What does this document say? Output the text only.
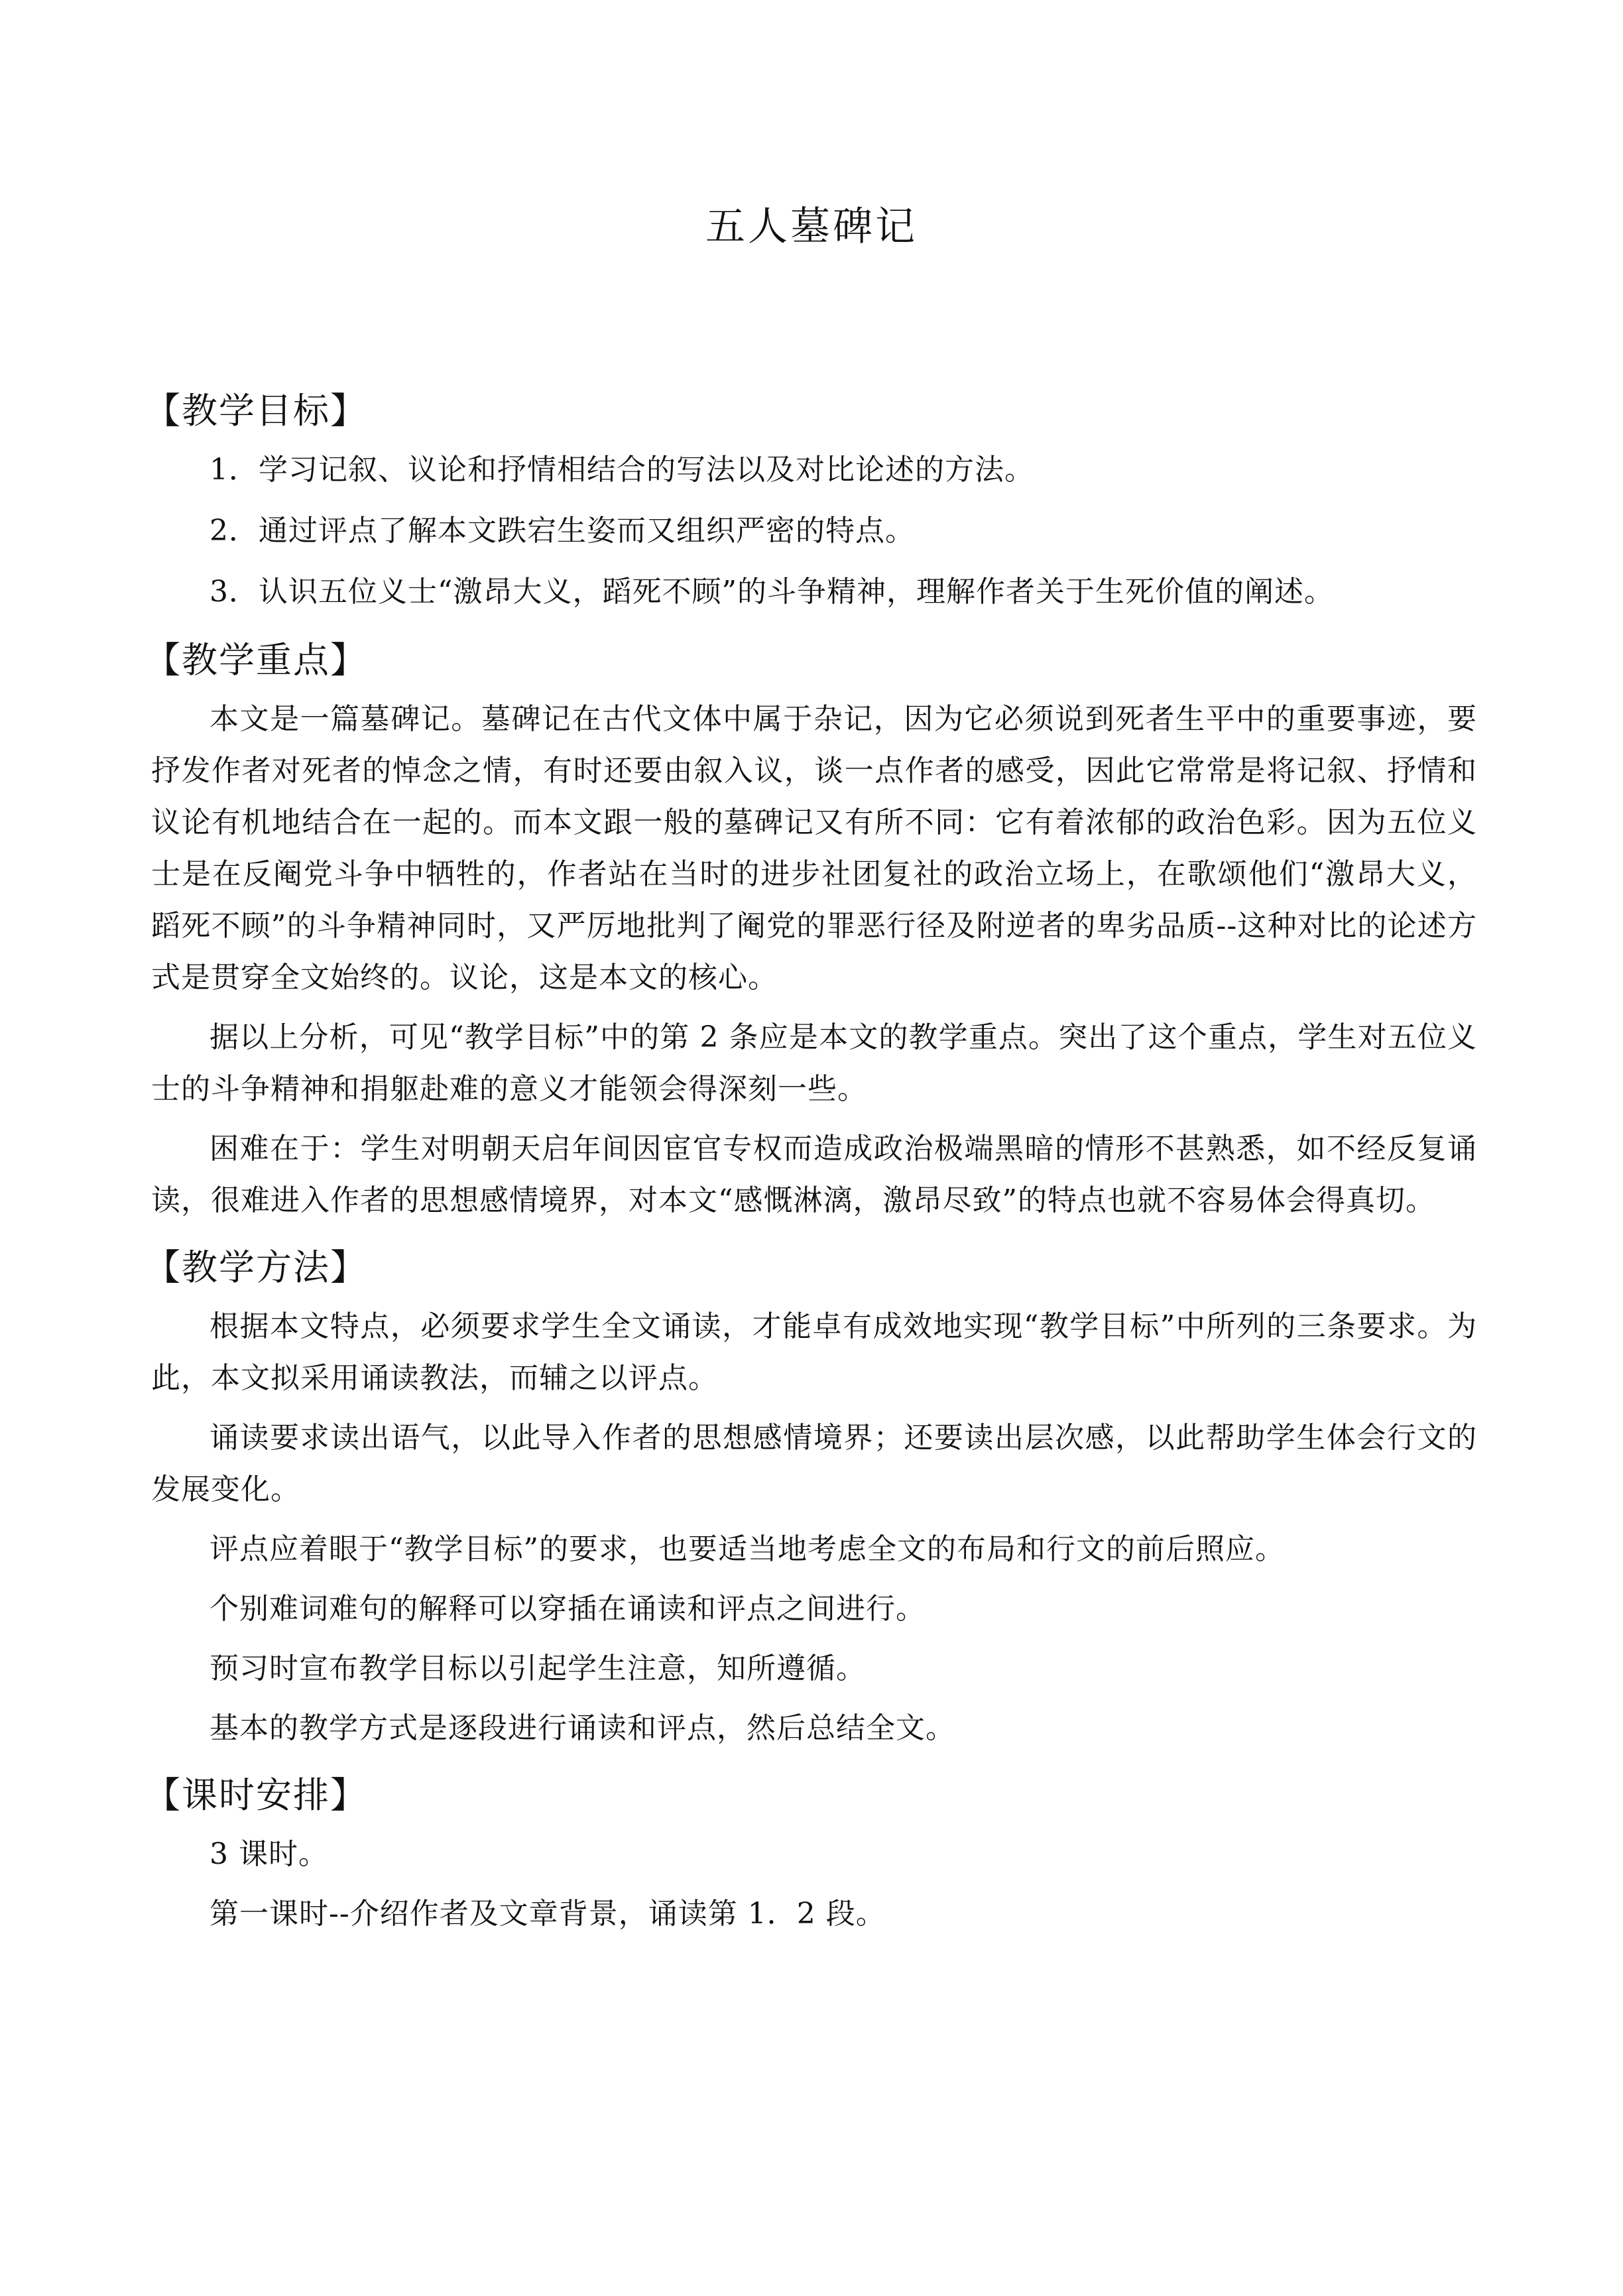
五人墓碑记
【教学目标】

1．学习记叙、议论和抒情相结合的写法以及对比论述的方法。

2．通过评点了解本文跌宕生姿而又组织严密的特点。

3．认识五位义士“激昂大义，蹈死不顾”的斗争精神，理解作者关于生死价值的阐述。

【教学重点】

本文是一篇墓碑记。墓碑记在古代文体中属于杂记，因为它必须说到死者生平中的重要事迹，要抒发作者对死者的悼念之情，有时还要由叙入议，谈一点作者的感受，因此它常常是将记叙、抒情和议论有机地结合在一起的。而本文跟一般的墓碑记又有所不同：它有着浓郁的政治色彩。因为五位义士是在反阉党斗争中牺牲的，作者站在当时的进步社团复社的政治立场上，在歌颂他们“激昂大义，蹈死不顾”的斗争精神同时，又严厉地批判了阉党的罪恶行径及附逆者的卑劣品质--这种对比的论述方式是贯穿全文始终的。议论，这是本文的核心。

据以上分析，可见“教学目标”中的第 2 条应是本文的教学重点。突出了这个重点，学生对五位义士的斗争精神和捐躯赴难的意义才能领会得深刻一些。

困难在于：学生对明朝天启年间因宦官专权而造成政治极端黑暗的情形不甚熟悉，如不经反复诵读，很难进入作者的思想感情境界，对本文“感慨淋漓，激昂尽致”的特点也就不容易体会得真切。

【教学方法】

根据本文特点，必须要求学生全文诵读，才能卓有成效地实现“教学目标”中所列的三条要求。为此，本文拟采用诵读教法，而辅之以评点。

诵读要求读出语气，以此导入作者的思想感情境界；还要读出层次感，以此帮助学生体会行文的发展变化。

评点应着眼于“教学目标”的要求，也要适当地考虑全文的布局和行文的前后照应。

个别难词难句的解释可以穿插在诵读和评点之间进行。

预习时宣布教学目标以引起学生注意，知所遵循。

基本的教学方式是逐段进行诵读和评点，然后总结全文。

【课时安排】

3 课时。

第一课时--介绍作者及文章背景，诵读第 1．2 段。
